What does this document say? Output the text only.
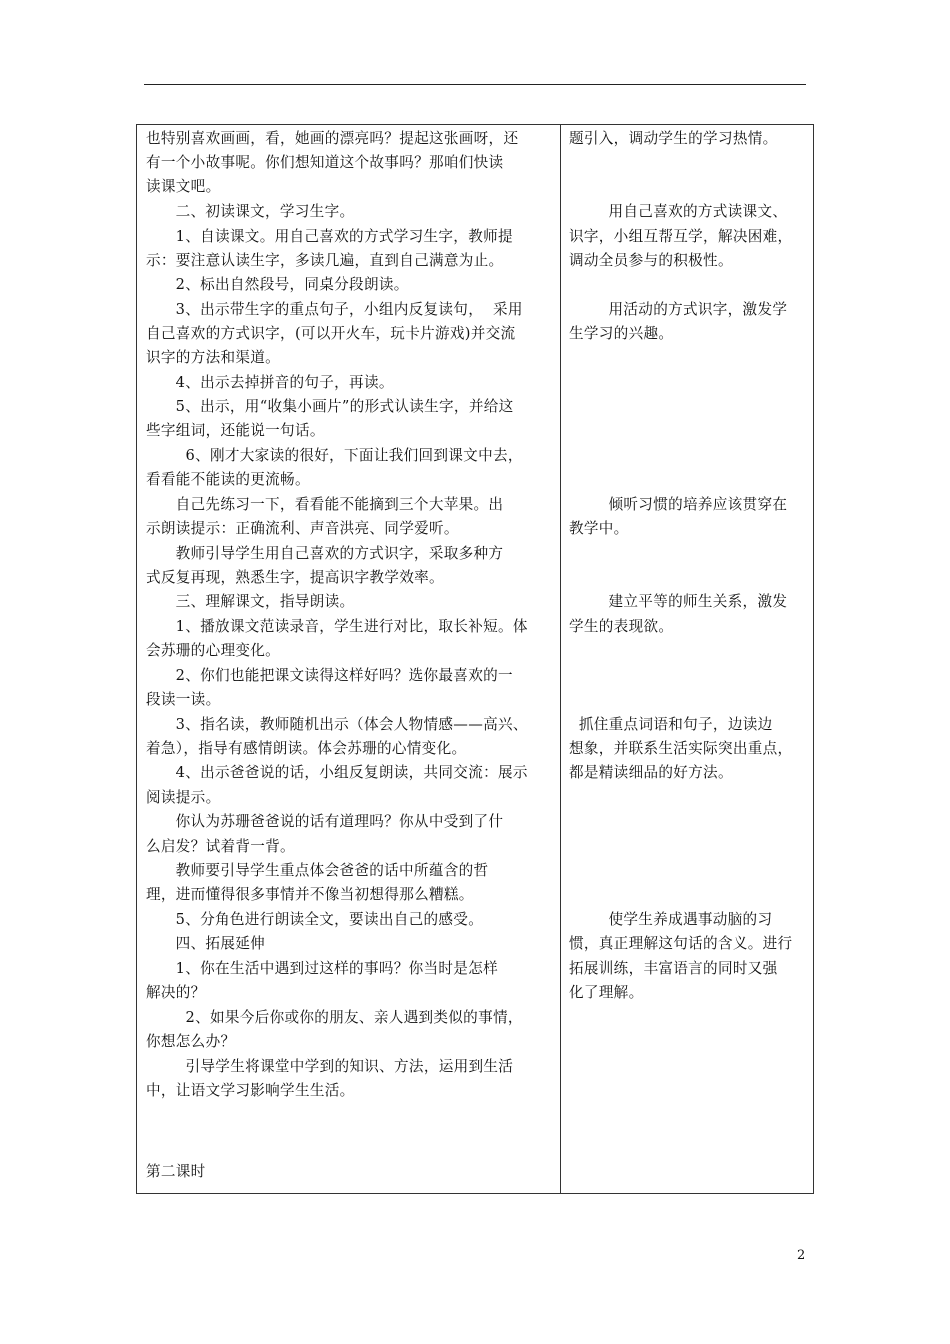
也特别喜欢画画，看，她画的漂亮吗？提起这张画呀，还
有一个小故事呢。你们想知道这个故事吗？那咱们快读
读课文吧。
二、初读课文，学习生字。
1、自读课文。用自己喜欢的方式学习生字，教师提
示：要注意认读生字，多读几遍，直到自己满意为止。
2、标出自然段号，同桌分段朗读。
3、出示带生字的重点句子，小组内反复读句，  采用
自己喜欢的方式识字，(可以开火车，玩卡片游戏)并交流
识字的方法和渠道。
4、出示去掉拼音的句子，再读。
5、出示，用“收集小画片”的形式认读生字，并给这
些字组词，还能说一句话。
6、刚才大家读的很好，下面让我们回到课文中去，
看看能不能读的更流畅。
自己先练习一下，看看能不能摘到三个大苹果。出
示朗读提示：正确流利、声音洪亮、同学爱听。
教师引导学生用自己喜欢的方式识字，采取多种方
式反复再现，熟悉生字，提高识字教学效率。
三、理解课文，指导朗读。
1、播放课文范读录音，学生进行对比，取长补短。体
会苏珊的心理变化。
2、你们也能把课文读得这样好吗？选你最喜欢的一
段读一读。
3、指名读，教师随机出示（体会人物情感——高兴、
着急），指导有感情朗读。体会苏珊的心情变化。
4、出示爸爸说的话，小组反复朗读，共同交流：展示
阅读提示。
你认为苏珊爸爸说的话有道理吗？你从中受到了什
么启发？试着背一背。
教师要引导学生重点体会爸爸的话中所蕴含的哲
理，进而懂得很多事情并不像当初想得那么糟糕。
5、分角色进行朗读全文，要读出自己的感受。
四、拓展延伸
1、你在生活中遇到过这样的事吗？你当时是怎样
解决的？
2、如果今后你或你的朋友、亲人遇到类似的事情，
你想怎么办？
引导学生将课堂中学到的知识、方法，运用到生活
中，让语文学习影响学生生活。
第二课时
题引入，调动学生的学习热情。
用自己喜欢的方式读课文、
识字，小组互帮互学，解决困难，
调动全员参与的积极性。
用活动的方式识字，激发学
生学习的兴趣。
倾听习惯的培养应该贯穿在
教学中。
建立平等的师生关系，激发
学生的表现欲。
抓住重点词语和句子，边读边
想象，并联系生活实际突出重点，
都是精读细品的好方法。
使学生养成遇事动脑的习
惯，真正理解这句话的含义。进行
拓展训练，丰富语言的同时又强
化了理解。
2
